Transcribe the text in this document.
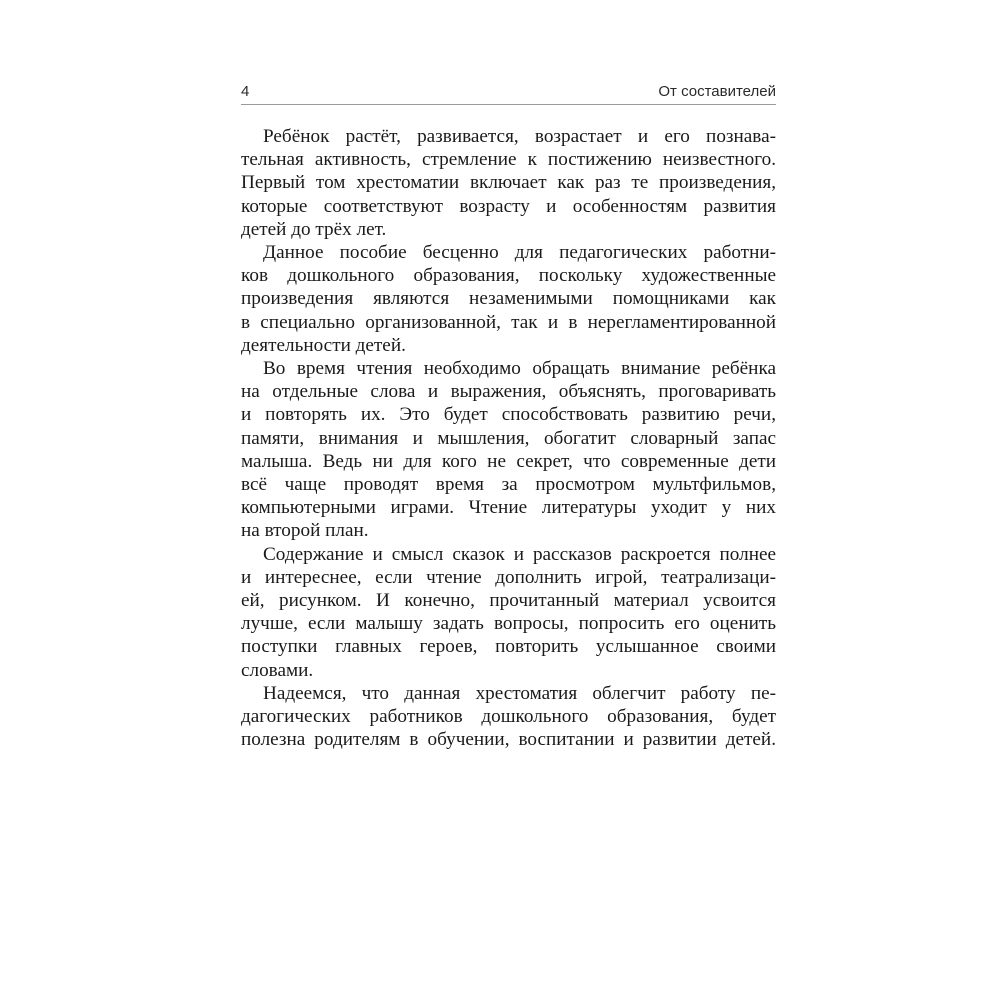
4	От составителей

Ребёнок растёт, развивается, возрастает и его познава-
тельная активность, стремление к постижению неизвестного.
Первый том хрестоматии включает как раз те произведения,
которые соответствуют возрасту и особенностям развития
детей до трёх лет.

Данное пособие бесценно для педагогических работни-
ков дошкольного образования, поскольку художественные
произведения являются незаменимыми помощниками как
в специально организованной, так и в нерегламентированной
деятельности детей.

Во время чтения необходимо обращать внимание ребёнка
на отдельные слова и выражения, объяснять, проговаривать
и повторять их. Это будет способствовать развитию речи,
памяти, внимания и мышления, обогатит словарный запас
малыша. Ведь ни для кого не секрет, что современные дети
всё чаще проводят время за просмотром мультфильмов,
компьютерными играми. Чтение литературы уходит у них
на второй план.

Содержание и смысл сказок и рассказов раскроется полнее
и интереснее, если чтение дополнить игрой, театрализаци-
ей, рисунком. И конечно, прочитанный материал усвоится
лучше, если малышу задать вопросы, попросить его оценить
поступки главных героев, повторить услышанное своими
словами.

Надеемся, что данная хрестоматия облегчит работу пе-
дагогических работников дошкольного образования, будет
полезна родителям в обучении, воспитании и развитии детей.
